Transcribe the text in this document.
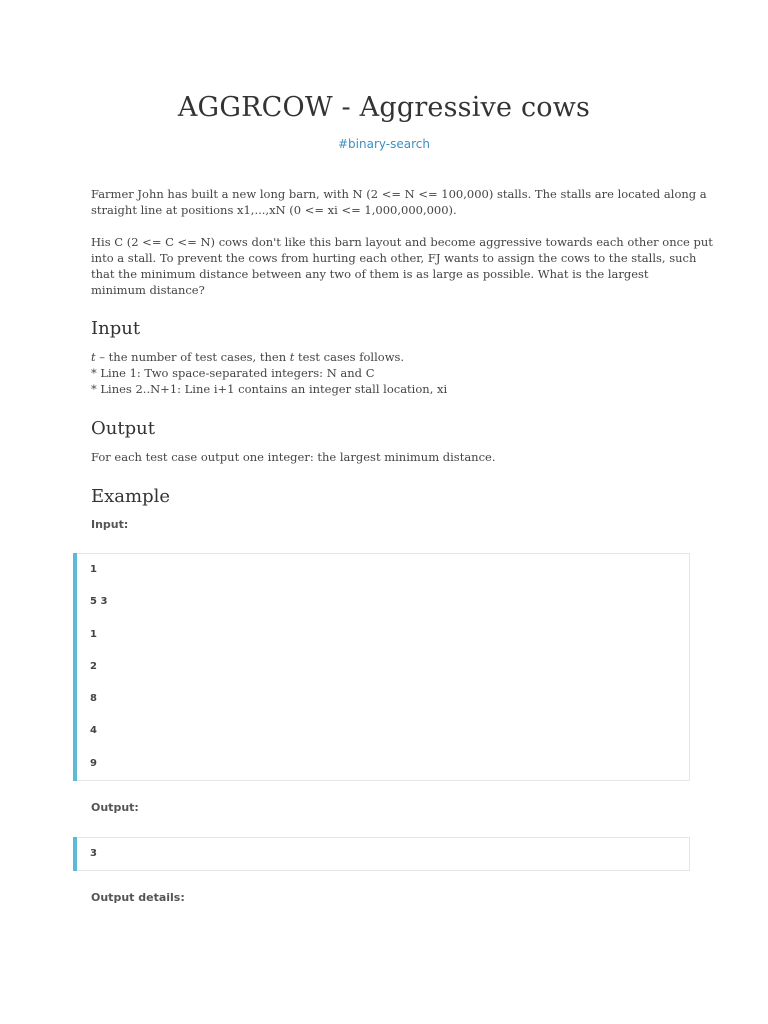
AGGRCOW - Aggressive cows
#binary-search
Farmer John has built a new long barn, with N (2 <= N <= 100,000) stalls. The stalls are located along a
straight line at positions x1,...,xN (0 <= xi <= 1,000,000,000).
His C (2 <= C <= N) cows don't like this barn layout and become aggressive towards each other once put
into a stall. To prevent the cows from hurting each other, FJ wants to assign the cows to the stalls, such
that the minimum distance between any two of them is as large as possible. What is the largest
minimum distance?
Input
t – the number of test cases, then t test cases follows.
* Line 1: Two space-separated integers: N and C
* Lines 2..N+1: Line i+1 contains an integer stall location, xi
Output
For each test case output one integer: the largest minimum distance.
Example
Input:
1
5 3
1
2
8
4
9
Output:
3
Output details:
